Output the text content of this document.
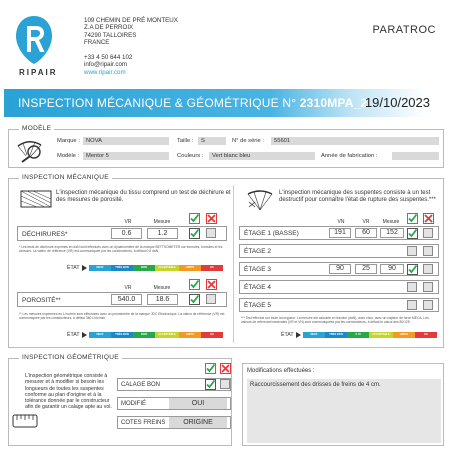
RIPAIR
109 CHEMIN DE PRÉ MONTEUX
Z.A DE PERROIX
74290 TALLOIRES
FRANCE
+33 4 50 644 102
info@ripair.com
www.ripair.com
PARATROC
INSPECTION MÉCANIQUE & GÉOMÉTRIQUE N° 2310MPA_2
19/10/2023
MODÈLE
Marque :	NOVA	Taille :	S	N° de série :	55601
Modèle :	Mentor 5	Couleurs :	Vert blanc bleu	Année de fabrication :
INSPECTION MÉCANIQUE
L'inspection mécanique du tissu comprend un test de déchirure et des mesures de porosité.
VR	Mesure
DÉCHIRURES*	0.6	1.2
* Les tests de déchirure exprimés en daN sont effectués avec un dynamomètre de la marque BETTSOMETER sur formules, formules et les cloisons. La valeur de référence (VR) est communiquée par les constructeurs, à défaut 0,6 daN.
ÉTAT	NEUF	TRÈS BON	BON	ACCEPTABLE	LIMITE	HS
VR	Mesure
POROSITÉ**	540.0	18.6
** Les mesures exprimées en L/m²/min sont effectuées avec un porosimètre de la marque JDC Electronique. La valeur de référence (VR) est communiquée par les constructeurs, à défaut 360 L/m²/min.
ÉTAT	NEUF	TRÈS BON	BON	ACCEPTABLE	LIMITE	HS
L'inspection mécanique des suspentes consiste à un test destructif pour connaître l'état de rupture des suspentes.***
VN	VR	Mesure
ÉTAGE 1 (BASSE)	191	60	152
ÉTAGE 2
ÉTAGE 3	90	25	90
ÉTAGE 4
ÉTAGE 5
*** Test effectué sur toute la longueur. La mesure est calculée en traction (daN), avec choc, avec un capteur de force MECA. Les valeurs de référence/nominales (VR et VN) sont communiquées par les constructeurs, à défaut le calcul des 80/125.
ÉTAT	NEUF	TRÈS BON	À 16	ACCEPTABLE	LIMITE	HS
INSPECTION GÉOMÉTRIQUE
L'inspection géométrique consiste à mesurer et à modifier si besoin les longueurs de toutes les suspentes conforme au plan d'origine et à la tolérance donnée par le constructeur afin de garantir un calage apte au vol.
CALAGE BON
MODIFIÉ	OUI
COTES FREINS	ORIGINE
Modifications effectuées :
Raccourcissement des drisses de freins de 4 cm.
